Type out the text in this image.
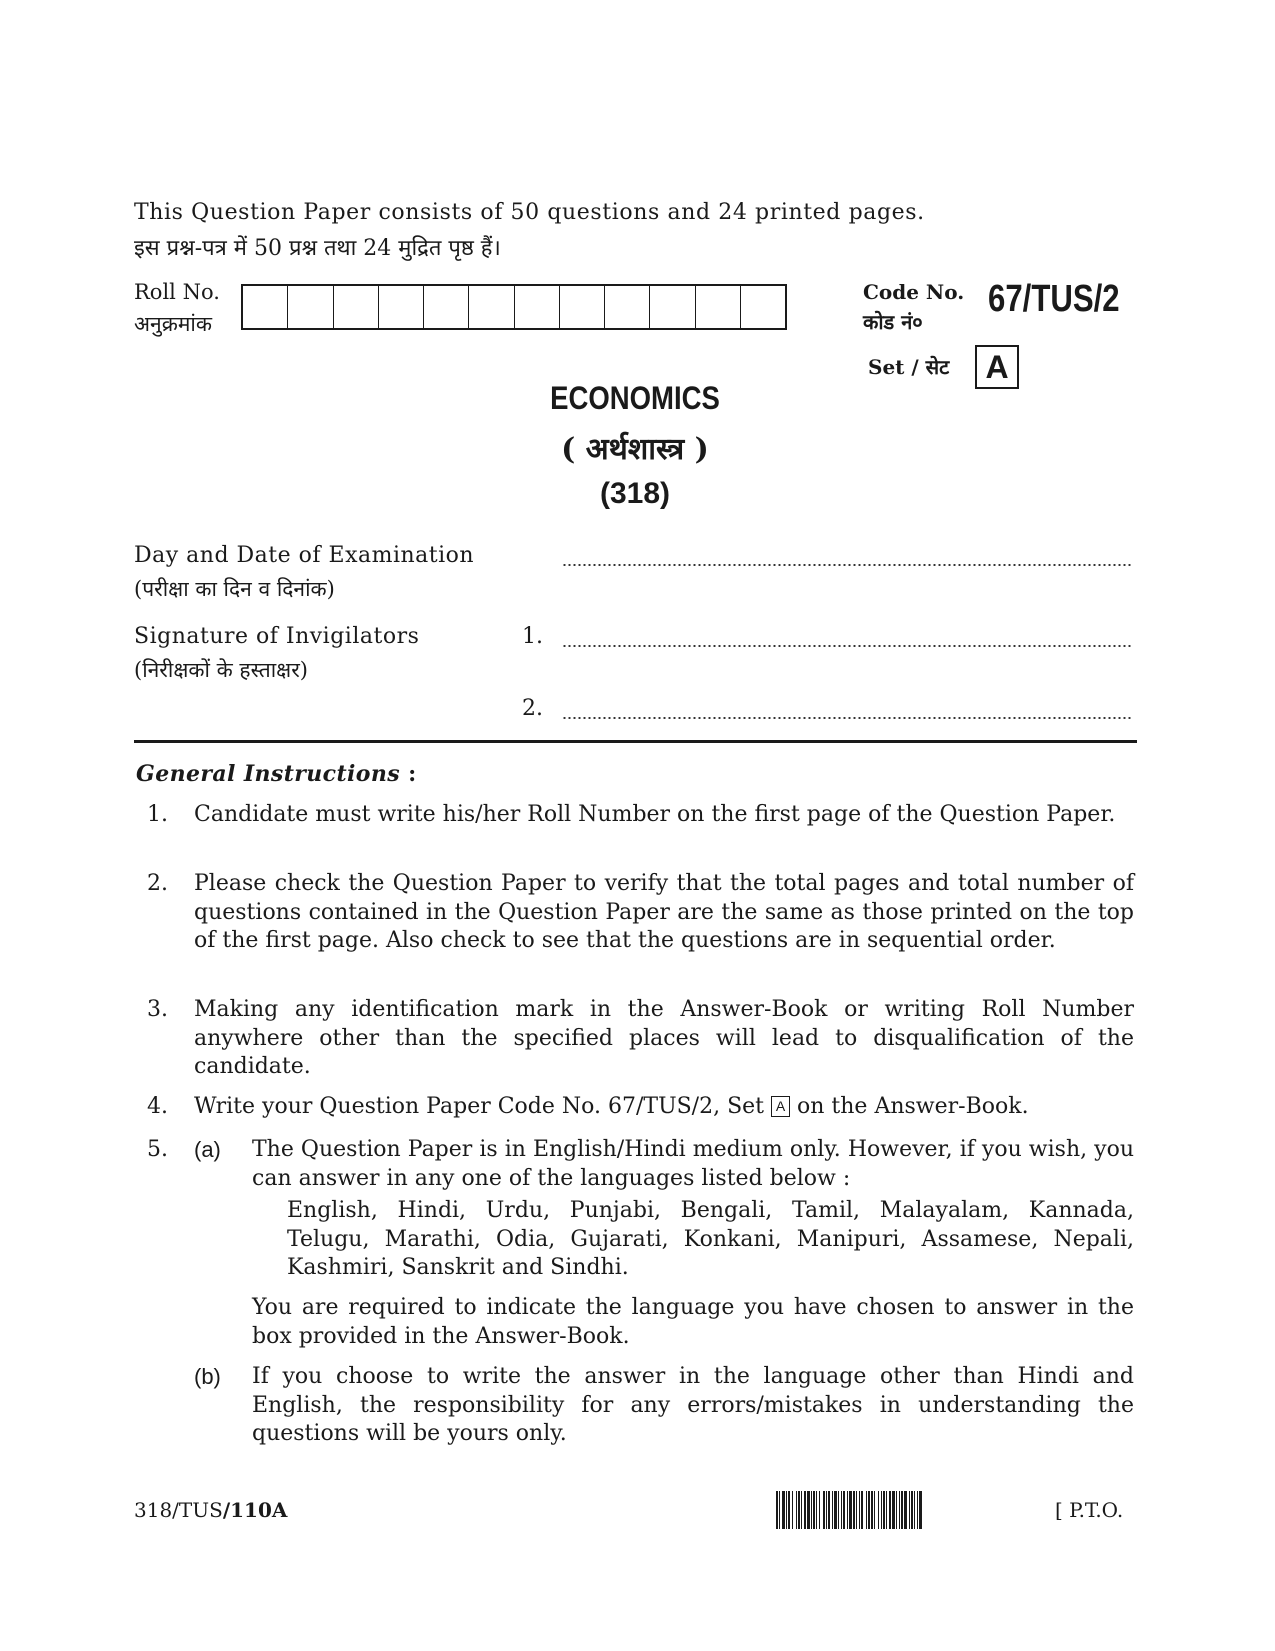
This Question Paper consists of 50 questions and 24 printed pages.
इस प्रश्न-पत्र में 50 प्रश्न तथा 24 मुद्रित पृष्ठ हैं।
Roll No.
अनुक्रमांक
Code No.
कोड नं०
67/TUS/2
Set / सेट	A
ECONOMICS
( अर्थशास्त्र )
(318)
Day and Date of Examination
(परीक्षा का दिन व दिनांक)
Signature of Invigilators
(निरीक्षकों के हस्ताक्षर)
1.
2.
General Instructions :
1. Candidate must write his/her Roll Number on the first page of the Question Paper.
2. Please check the Question Paper to verify that the total pages and total number of questions contained in the Question Paper are the same as those printed on the top of the first page. Also check to see that the questions are in sequential order.
3. Making any identification mark in the Answer-Book or writing Roll Number anywhere other than the specified places will lead to disqualification of the candidate.
4. Write your Question Paper Code No. 67/TUS/2, Set A on the Answer-Book.
5. (a) The Question Paper is in English/Hindi medium only. However, if you wish, you can answer in any one of the languages listed below :
English, Hindi, Urdu, Punjabi, Bengali, Tamil, Malayalam, Kannada, Telugu, Marathi, Odia, Gujarati, Konkani, Manipuri, Assamese, Nepali, Kashmiri, Sanskrit and Sindhi.
You are required to indicate the language you have chosen to answer in the box provided in the Answer-Book.
(b) If you choose to write the answer in the language other than Hindi and English, the responsibility for any errors/mistakes in understanding the questions will be yours only.
318/TUS/110A	[ P.T.O.
